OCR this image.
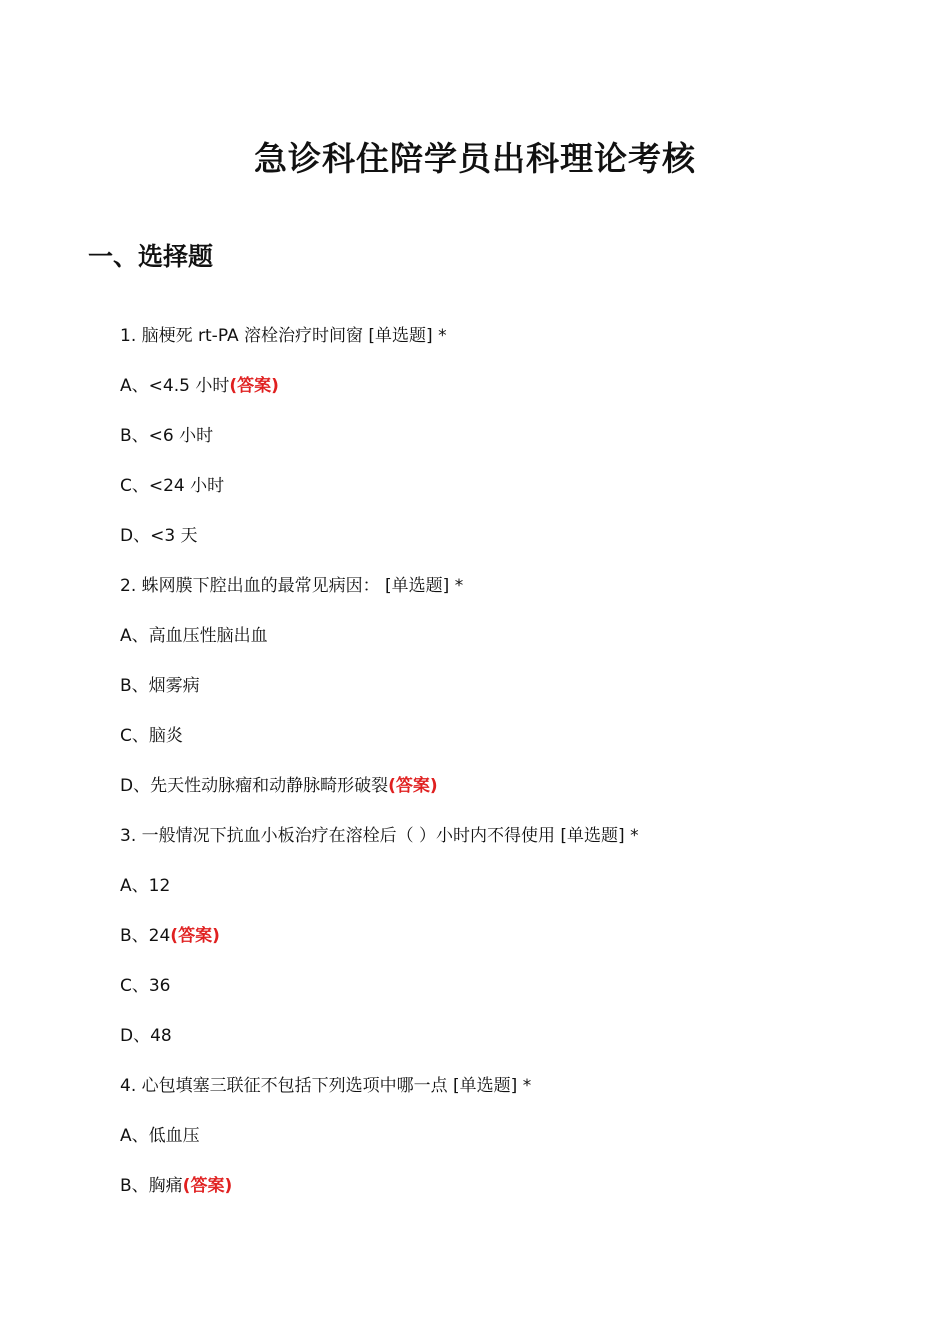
急诊科住陪学员出科理论考核
一、选择题
1. 脑梗死 rt-PA 溶栓治疗时间窗 [单选题] *
A、<4.5 小时(答案)
B、<6 小时
C、<24 小时
D、<3 天
2. 蛛网膜下腔出血的最常见病因： [单选题] *
A、高血压性脑出血
B、烟雾病
C、脑炎
D、先天性动脉瘤和动静脉畸形破裂(答案)
3. 一般情况下抗血小板治疗在溶栓后（ ）小时内不得使用 [单选题] *
A、12
B、24(答案)
C、36
D、48
4. 心包填塞三联征不包括下列选项中哪一点 [单选题] *
A、低血压
B、胸痛(答案)
